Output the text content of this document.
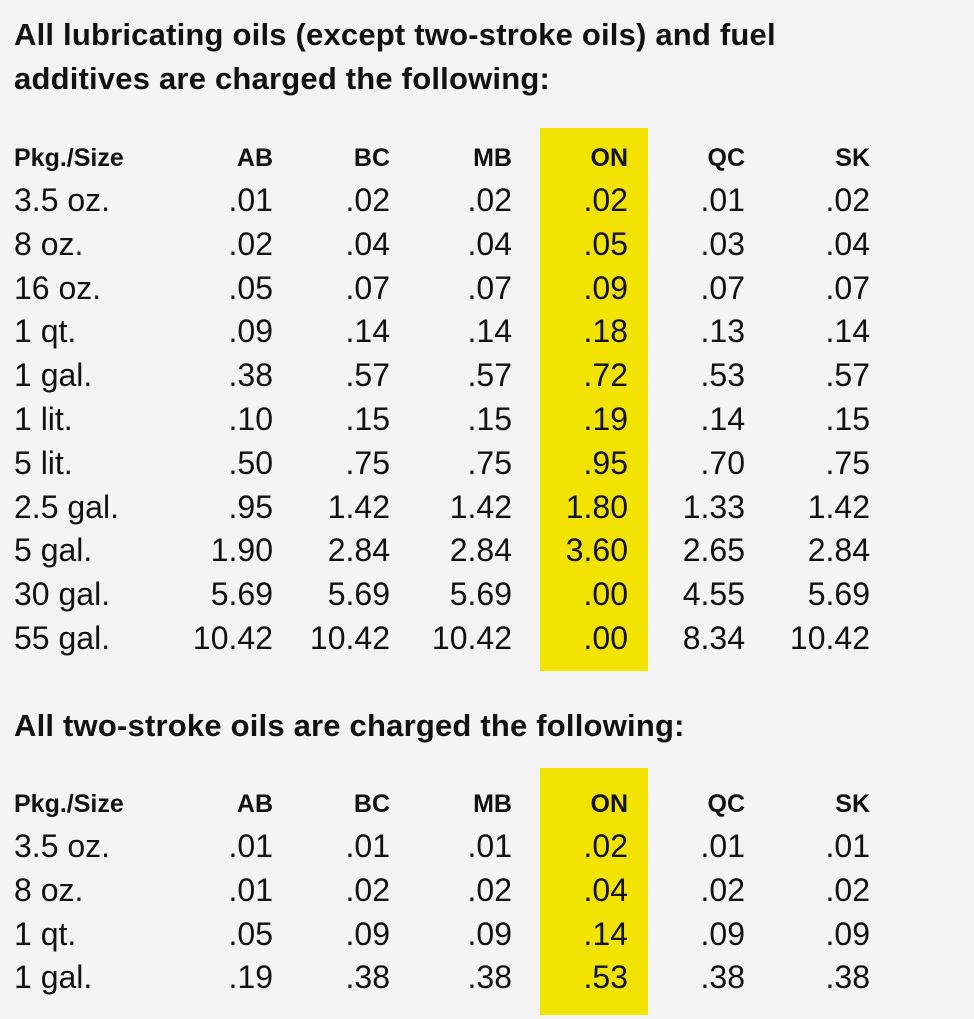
All lubricating oils (except two-stroke oils) and fuel
additives are charged the following:
Pkg./Size	AB	BC	MB	ON	QC	SK
3.5 oz.	.01	.02	.02	.02	.01	.02
8 oz.	.02	.04	.04	.05	.03	.04
16 oz.	.05	.07	.07	.09	.07	.07
1 qt.	.09	.14	.14	.18	.13	.14
1 gal.	.38	.57	.57	.72	.53	.57
1 lit.	.10	.15	.15	.19	.14	.15
5 lit.	.50	.75	.75	.95	.70	.75
2.5 gal.	.95	1.42	1.42	1.80	1.33	1.42
5 gal.	1.90	2.84	2.84	3.60	2.65	2.84
30 gal.	5.69	5.69	5.69	.00	4.55	5.69
55 gal.	10.42	10.42	10.42	.00	8.34	10.42
All two-stroke oils are charged the following:
Pkg./Size	AB	BC	MB	ON	QC	SK
3.5 oz.	.01	.01	.01	.02	.01	.01
8 oz.	.01	.02	.02	.04	.02	.02
1 qt.	.05	.09	.09	.14	.09	.09
1 gal.	.19	.38	.38	.53	.38	.38
